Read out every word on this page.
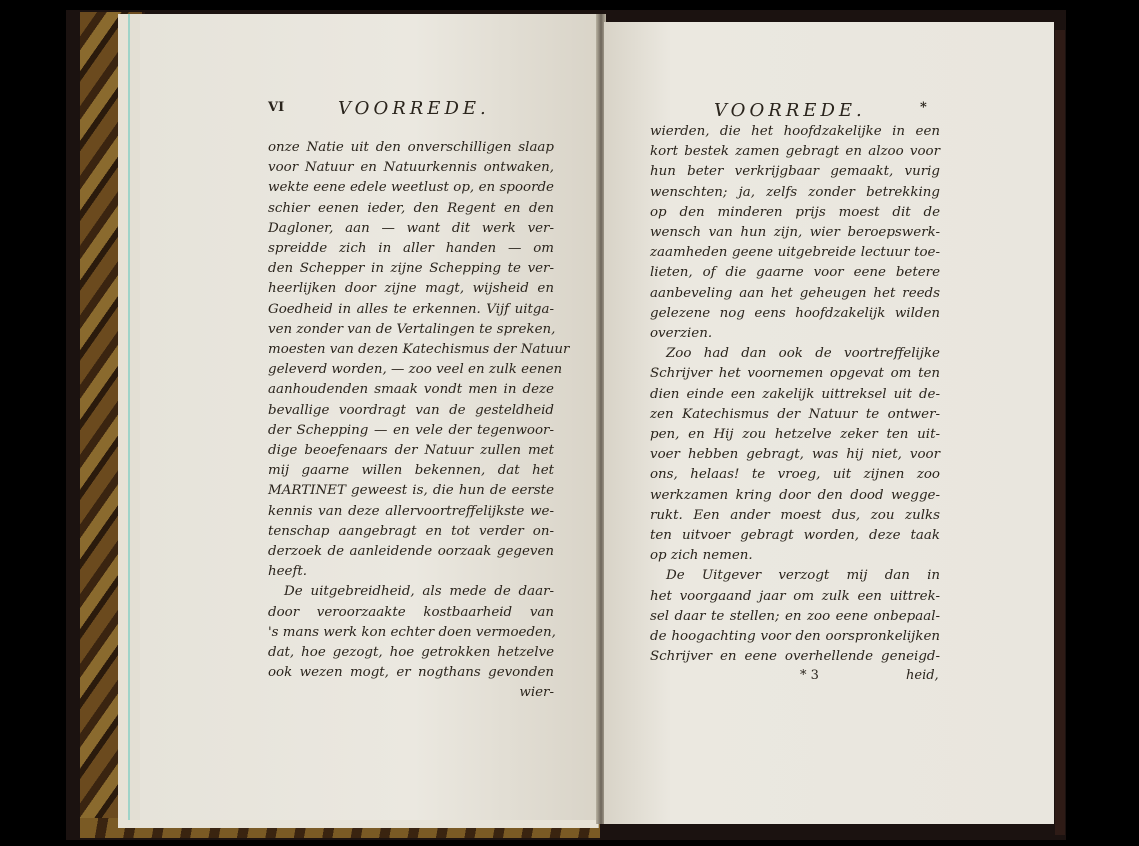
VI	VOORREDE.
onze Natie uit den onverschilligen slaap
voor Natuur en Natuurkennis ontwaken,
wekte eene edele weetlust op, en spoorde
schier eenen ieder, den Regent en den
Dagloner, aan — want dit werk ver-
spreidde zich in aller handen — om
den Schepper in zijne Schepping te ver-
heerlijken door zijne magt, wijsheid en
Goedheid in alles te erkennen. Vijf uitga-
ven zonder van de Vertalingen te spreken,
moesten van dezen Katechismus der Natuur
geleverd worden, — zoo veel en zulk eenen
aanhoudenden smaak vondt men in deze
bevallige voordragt van de gesteldheid
der Schepping — en vele der tegenwoor-
dige beoefenaars der Natuur zullen met
mij gaarne willen bekennen, dat het
MARTINET geweest is, die hun de eerste
kennis van deze allervoortreffelijkste we-
tenschap aangebragt en tot verder on-
derzoek de aanleidende oorzaak gegeven
heeft.
De uitgebreidheid, als mede de daar-
door veroorzaakte kostbaarheid van
's mans werk kon echter doen vermoeden,
dat, hoe gezogt, hoe getrokken hetzelve
ook wezen mogt, er nogthans gevonden
wier-
VOORREDE.	*
wierden, die het hoofdzakelijke in een
kort bestek zamen gebragt en alzoo voor
hun beter verkrijgbaar gemaakt, vurig
wenschten; ja, zelfs zonder betrekking
op den minderen prijs moest dit de
wensch van hun zijn, wier beroepswerk-
zaamheden geene uitgebreide lectuur toe-
lieten, of die gaarne voor eene betere
aanbeveling aan het geheugen het reeds
gelezene nog eens hoofdzakelijk wilden
overzien.
Zoo had dan ook de voortreffelijke
Schrijver het voornemen opgevat om ten
dien einde een zakelijk uittreksel uit de-
zen Katechismus der Natuur te ontwer-
pen, en Hij zou hetzelve zeker ten uit-
voer hebben gebragt, was hij niet, voor
ons, helaas! te vroeg, uit zijnen zoo
werkzamen kring door den dood wegge-
rukt. Een ander moest dus, zou zulks
ten uitvoer gebragt worden, deze taak
op zich nemen.
De Uitgever verzogt mij dan in
het voorgaand jaar om zulk een uittrek-
sel daar te stellen; en zoo eene onbepaal-
de hoogachting voor den oorspronkelijken
Schrijver en eene overhellende geneigd-
* 3	heid,
